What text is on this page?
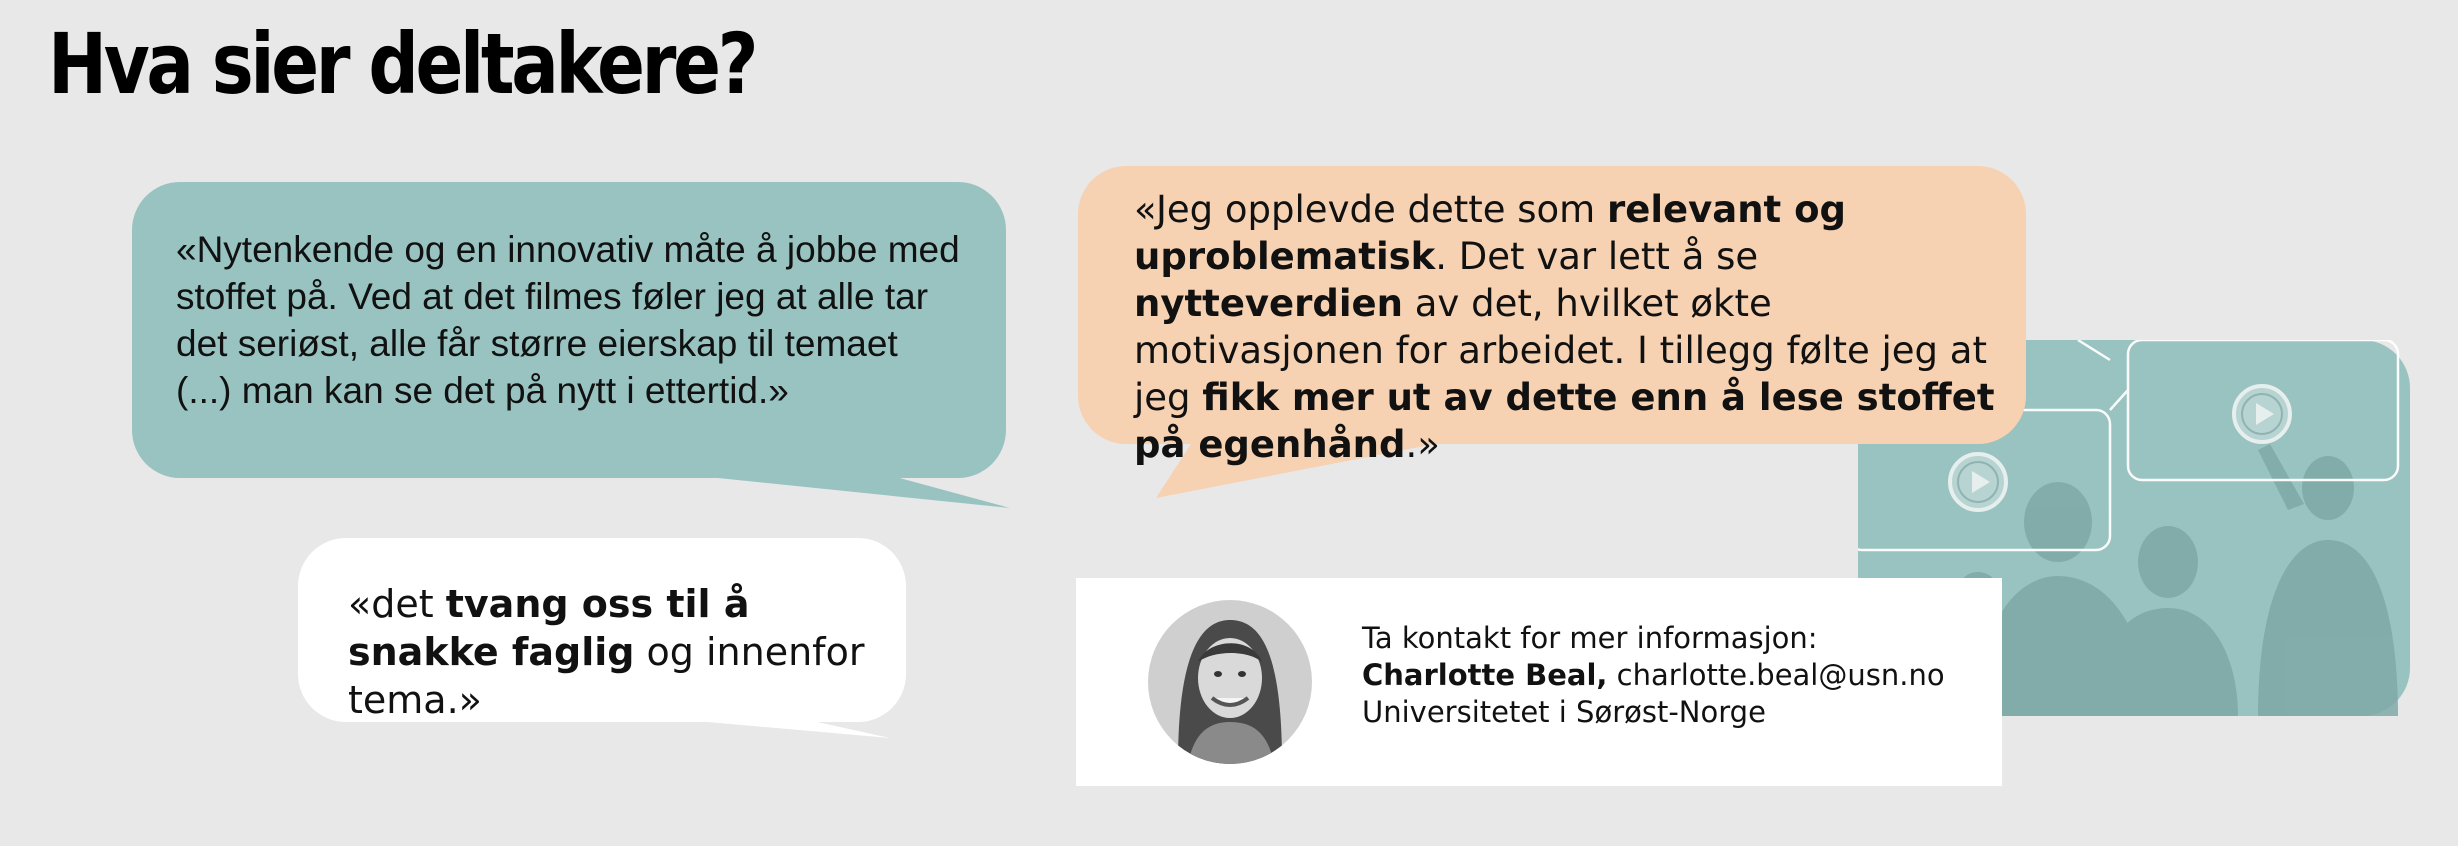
Hva sier deltakere?
«Nytenkende og en innovativ måte å jobbe med stoffet på. Ved at det filmes føler jeg at alle tar det seriøst, alle får større eierskap til temaet (...) man kan se det på nytt i ettertid.»
«Jeg opplevde dette som relevant og uproblematisk. Det var lett å se nytteverdien av det, hvilket økte motivasjonen for arbeidet. I tillegg følte jeg at jeg fikk mer ut av dette enn å lese stoffet på egenhånd.»
«det tvang oss til å snakke faglig og innenfor tema.»
Ta kontakt for mer informasjon:
Charlotte Beal, charlotte.beal@usn.no
Universitetet i Sørøst-Norge
